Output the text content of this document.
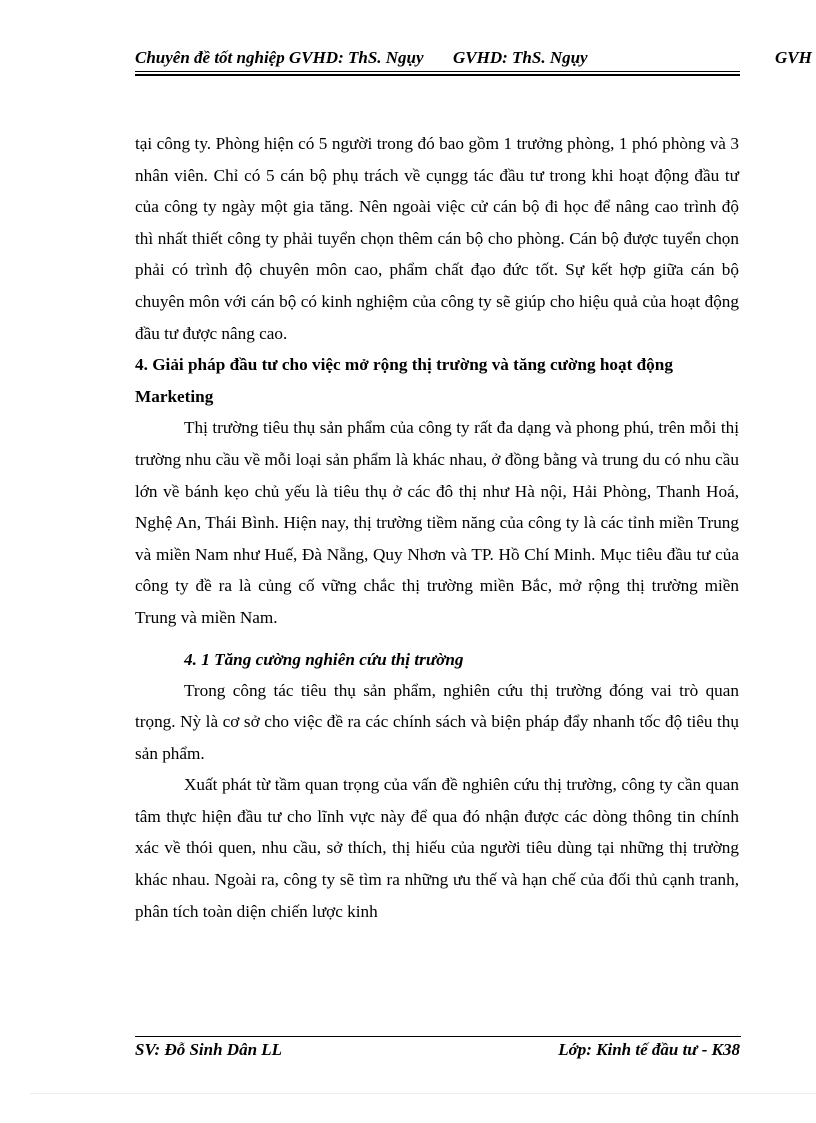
Chuyên đề tốt nghiệp GVHD: ThS. Ngụy GVHD: ThS. Ngụy	GVH

tại công ty. Phòng hiện có 5 người trong đó bao gồm 1 trưởng phòng, 1 phó phòng và 3 nhân viên. Chỉ có 5 cán bộ phụ trách về cụngg tác đầu tư trong khi hoạt động đầu tư của công ty ngày một gia tăng. Nên ngoài việc cử cán bộ đi học để nâng cao trình độ thì nhất thiết công ty phải tuyển chọn thêm cán bộ cho phòng. Cán bộ được tuyển chọn phải có trình độ chuyên môn cao, phẩm chất đạo đức tốt. Sự kết hợp giữa cán bộ chuyên môn với cán bộ có kinh nghiệm của công ty sẽ giúp cho hiệu quả của hoạt động đầu tư được nâng cao.

4. Giải pháp đầu tư cho việc mở rộng thị trường và tăng cường hoạt động Marketing

Thị trường tiêu thụ sản phẩm của công ty rất đa dạng và phong phú, trên mỗi thị trường nhu cầu về mỗi loại sản phẩm là khác nhau, ở đồng bằng và trung du có nhu cầu lớn về bánh kẹo chủ yếu là tiêu thụ ở các đô thị như Hà nội, Hải Phòng, Thanh Hoá, Nghệ An, Thái Bình. Hiện nay, thị trường tiềm năng của công ty là các tỉnh miền Trung và miền Nam như Huế, Đà Nẵng, Quy Nhơn và TP. Hồ Chí Minh. Mục tiêu đầu tư của công ty đề ra là củng cố vững chắc thị trường miền Bắc, mở rộng thị trường miền Trung và miền Nam.

4. 1 Tăng cường nghiên cứu thị trường

Trong công tác tiêu thụ sản phẩm, nghiên cứu thị trường đóng vai trò quan trọng. Nỳ là cơ sở cho việc đề ra các chính sách và biện pháp đẩy nhanh tốc độ tiêu thụ sản phẩm.

Xuất phát từ tầm quan trọng của vấn đề nghiên cứu thị trường, công ty cần quan tâm thực hiện đầu tư cho lĩnh vực này để qua đó nhận được các dòng thông tin chính xác về thói quen, nhu cầu, sở thích, thị hiếu của người tiêu dùng tại những thị trường khác nhau. Ngoài ra, công ty sẽ tìm ra những ưu thế và hạn chế của đối thủ cạnh tranh, phân tích toàn diện chiến lược kinh

SV: Đỗ Sinh Dân LL	Lớp: Kinh tế đầu tư - K38
